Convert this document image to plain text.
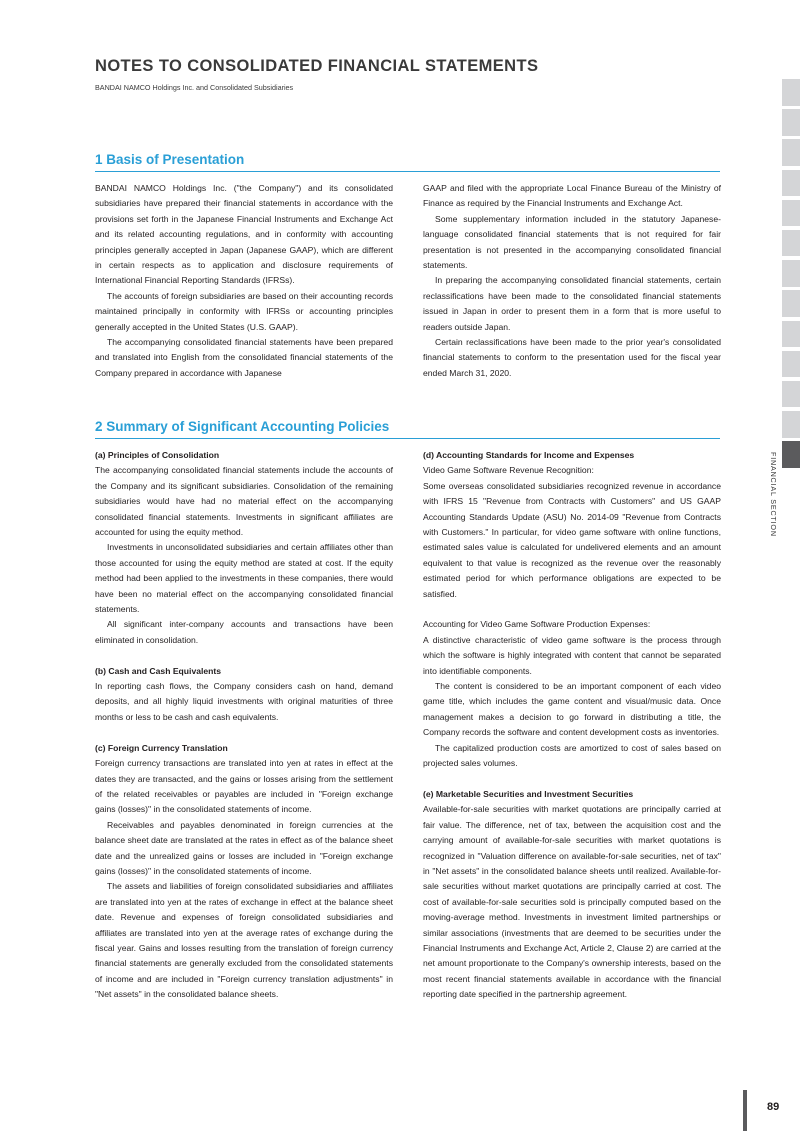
NOTES TO CONSOLIDATED FINANCIAL STATEMENTS
BANDAI NAMCO Holdings Inc. and Consolidated Subsidiaries
1 Basis of Presentation

BANDAI NAMCO Holdings Inc. ("the Company") and its consolidated subsidiaries have prepared their financial statements in accordance with the provisions set forth in the Japanese Financial Instruments and Exchange Act and its related accounting regulations, and in conformity with accounting principles generally accepted in Japan (Japanese GAAP), which are different in certain respects as to application and disclosure requirements of International Financial Reporting Standards (IFRSs).

The accounts of foreign subsidiaries are based on their accounting records maintained principally in conformity with IFRSs or accounting principles generally accepted in the United States (U.S. GAAP).

The accompanying consolidated financial statements have been prepared and translated into English from the consolidated financial statements of the Company prepared in accordance with Japanese

GAAP and filed with the appropriate Local Finance Bureau of the Ministry of Finance as required by the Financial Instruments and Exchange Act.

Some supplementary information included in the statutory Japanese-language consolidated financial statements that is not required for fair presentation is not presented in the accompanying consolidated financial statements.

In preparing the accompanying consolidated financial statements, certain reclassifications have been made to the consolidated financial statements issued in Japan in order to present them in a form that is more useful to readers outside Japan.

Certain reclassifications have been made to the prior year's consolidated financial statements to conform to the presentation used for the fiscal year ended March 31, 2020.

2 Summary of Significant Accounting Policies

(a) Principles of Consolidation

The accompanying consolidated financial statements include the accounts of the Company and its significant subsidiaries. Consolidation of the remaining subsidiaries would have had no material effect on the accompanying consolidated financial statements. Investments in significant affiliates are accounted for using the equity method.

Investments in unconsolidated subsidiaries and certain affiliates other than those accounted for using the equity method are stated at cost. If the equity method had been applied to the investments in these companies, there would have been no material effect on the accompanying consolidated financial statements.

All significant inter-company accounts and transactions have been eliminated in consolidation.

(b) Cash and Cash Equivalents

In reporting cash flows, the Company considers cash on hand, demand deposits, and all highly liquid investments with original maturities of three months or less to be cash and cash equivalents.

(c) Foreign Currency Translation

Foreign currency transactions are translated into yen at rates in effect at the dates they are transacted, and the gains or losses arising from the settlement of the related receivables or payables are included in "Foreign exchange gains (losses)" in the consolidated statements of income.

Receivables and payables denominated in foreign currencies at the balance sheet date are translated at the rates in effect as of the balance sheet date and the unrealized gains or losses are included in "Foreign exchange gains (losses)" in the consolidated statements of income.

The assets and liabilities of foreign consolidated subsidiaries and affiliates are translated into yen at the rates of exchange in effect at the balance sheet date. Revenue and expenses of foreign consolidated subsidiaries and affiliates are translated into yen at the average rates of exchange during the fiscal year. Gains and losses resulting from the translation of foreign currency financial statements are generally excluded from the consolidated statements of income and are included in "Foreign currency translation adjustments" in "Net assets" in the consolidated balance sheets.

(d) Accounting Standards for Income and Expenses

Video Game Software Revenue Recognition:

Some overseas consolidated subsidiaries recognized revenue in accordance with IFRS 15 "Revenue from Contracts with Customers" and US GAAP Accounting Standards Update (ASU) No. 2014-09 "Revenue from Contracts with Customers." In particular, for video game software with online functions, estimated sales value is calculated for undelivered elements and an amount equivalent to that value is recognized as the revenue over the reasonably estimated period for which performance obligations are expected to be satisfied.

Accounting for Video Game Software Production Expenses:

A distinctive characteristic of video game software is the process through which the software is highly integrated with content that cannot be separated into identifiable components.

The content is considered to be an important component of each video game title, which includes the game content and visual/music data. Once management makes a decision to go forward in distributing a title, the Company records the software and content development costs as inventories.

The capitalized production costs are amortized to cost of sales based on projected sales volumes.

(e) Marketable Securities and Investment Securities

Available-for-sale securities with market quotations are principally carried at fair value. The difference, net of tax, between the acquisition cost and the carrying amount of available-for-sale securities with market quotations is recognized in "Valuation difference on available-for-sale securities, net of tax" in "Net assets" in the consolidated balance sheets until realized. Available-for-sale securities without market quotations are principally carried at cost. The cost of available-for-sale securities sold is principally computed based on the moving-average method. Investments in investment limited partnerships or similar associations (investments that are deemed to be securities under the Financial Instruments and Exchange Act, Article 2, Clause 2) are carried at the net amount proportionate to the Company's ownership interests, based on the most recent financial statements available in accordance with the financial reporting date specified in the partnership agreement.

FINANCIAL SECTION
89
